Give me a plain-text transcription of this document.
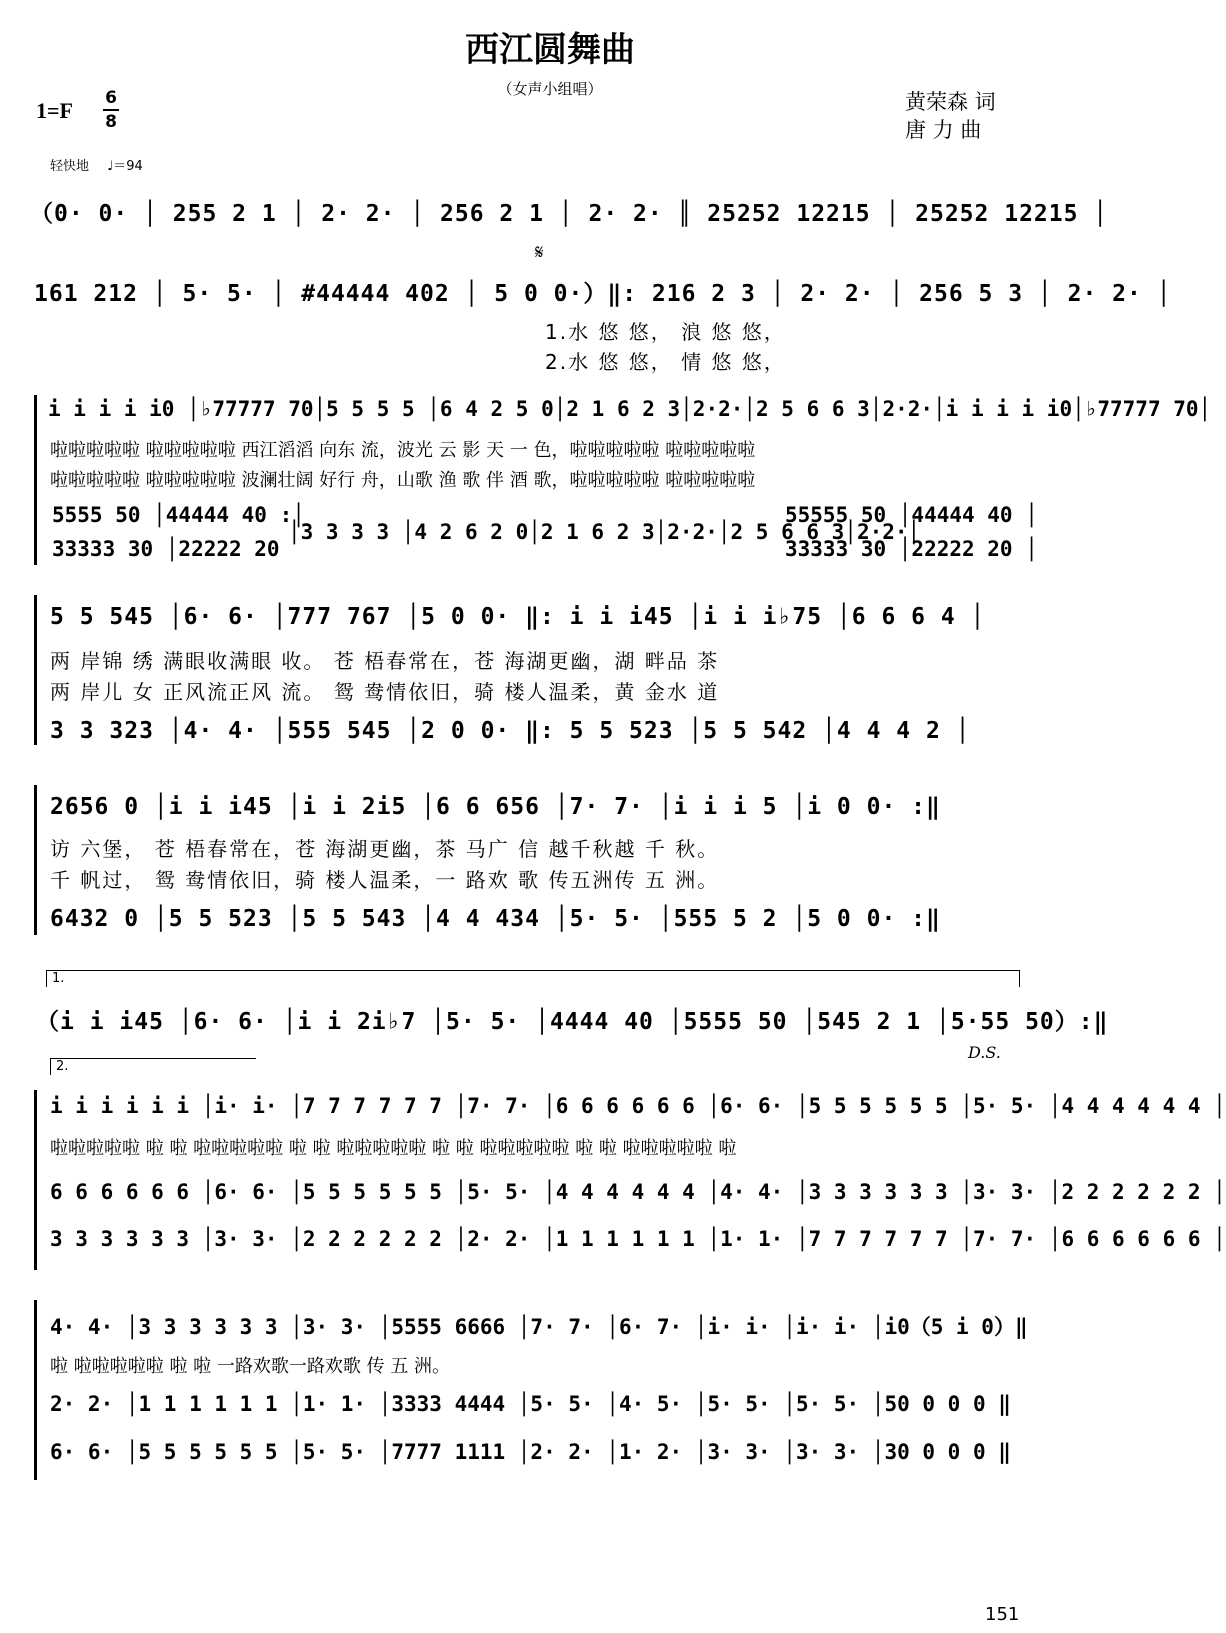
西江圆舞曲
（女声小组唱）
1=F 6
8
黄荣森 词
唐 力 曲
轻快地 ♩＝94
（0· 0· │ 255 2 1 │ 2· 2· │ 256 2 1 │ 2· 2· ║ 25252 12215 │ 25252 12215 │
𝄋
161 212 │ 5· 5· │ #44444 402 │ 5 0 0·）‖: 216 2 3 │ 2· 2· │ 256 5 3 │ 2· 2· │
1.水 悠 悠， 浪 悠 悠，
2.水 悠 悠， 情 悠 悠，
i i i i i0 │♭77777 70│5 5 5 5 │6 4 2 5 0│2 1 6 2 3│2·2·│2 5 6 6 3│2·2·│i i i i i0│♭77777 70│
啦啦啦啦啦 啦啦啦啦啦 西江滔滔 向东 流，波光 云 影 天 一 色，啦啦啦啦啦 啦啦啦啦啦
啦啦啦啦啦 啦啦啦啦啦 波澜壮阔 好行 舟，山歌 渔 歌 伴 酒 歌，啦啦啦啦啦 啦啦啦啦啦
5555 50 │44444 40 :│
33333 30 │22222 20
│3 3 3 3 │4 2 6 2 0│2 1 6 2 3│2·2·│2 5 6 6 3│2·2·│
55555 50 │44444 40 │
33333 30 │22222 20 │
5 5 545 │6· 6· │777 767 │5 0 0· ‖: i i i45 │i i i♭75 │6 6 6 4 │
两 岸锦 绣 满眼收满眼 收。 苍 梧春常在，苍 海湖更幽，湖 畔品 茶
两 岸儿 女 正风流正风 流。 鸳 鸯情依旧，骑 楼人温柔，黄 金水 道
3 3 323 │4· 4· │555 545 │2 0 0· ‖: 5 5 523 │5 5 542 │4 4 4 2 │
2656 0 │i i i45 │i i 2i5 │6 6 656 │7· 7· │i i i 5 │i 0 0· :‖
访 六堡， 苍 梧春常在，苍 海湖更幽，茶 马广 信 越千秋越 千 秋。
千 帆过， 鸳 鸯情依旧，骑 楼人温柔，一 路欢 歌 传五洲传 五 洲。
6432 0 │5 5 523 │5 5 543 │4 4 434 │5· 5· │555 5 2 │5 0 0· :‖
1.
（i i i45 │6· 6· │i i 2i♭7 │5· 5· │4444 40 │5555 50 │545 2 1 │5·55 50）:‖
D.S.
2.
i i i i i i │i· i· │7 7 7 7 7 7 │7· 7· │6 6 6 6 6 6 │6· 6· │5 5 5 5 5 5 │5· 5· │4 4 4 4 4 4 │
啦啦啦啦啦 啦 啦 啦啦啦啦啦 啦 啦 啦啦啦啦啦 啦 啦 啦啦啦啦啦 啦 啦 啦啦啦啦啦 啦
6 6 6 6 6 6 │6· 6· │5 5 5 5 5 5 │5· 5· │4 4 4 4 4 4 │4· 4· │3 3 3 3 3 3 │3· 3· │2 2 2 2 2 2 │
3 3 3 3 3 3 │3· 3· │2 2 2 2 2 2 │2· 2· │1 1 1 1 1 1 │1· 1· │7 7 7 7 7 7 │7· 7· │6 6 6 6 6 6 │
4· 4· │3 3 3 3 3 3 │3· 3· │5555 6666 │7· 7· │6· 7· │i· i· │i· i· │i0（5 i 0）‖
啦 啦啦啦啦啦 啦 啦 一路欢歌一路欢歌 传 五 洲。
2· 2· │1 1 1 1 1 1 │1· 1· │3333 4444 │5· 5· │4· 5· │5· 5· │5· 5· │50 0 0 0 ‖
6· 6· │5 5 5 5 5 5 │5· 5· │7777 1111 │2· 2· │1· 2· │3· 3· │3· 3· │30 0 0 0 ‖
151
